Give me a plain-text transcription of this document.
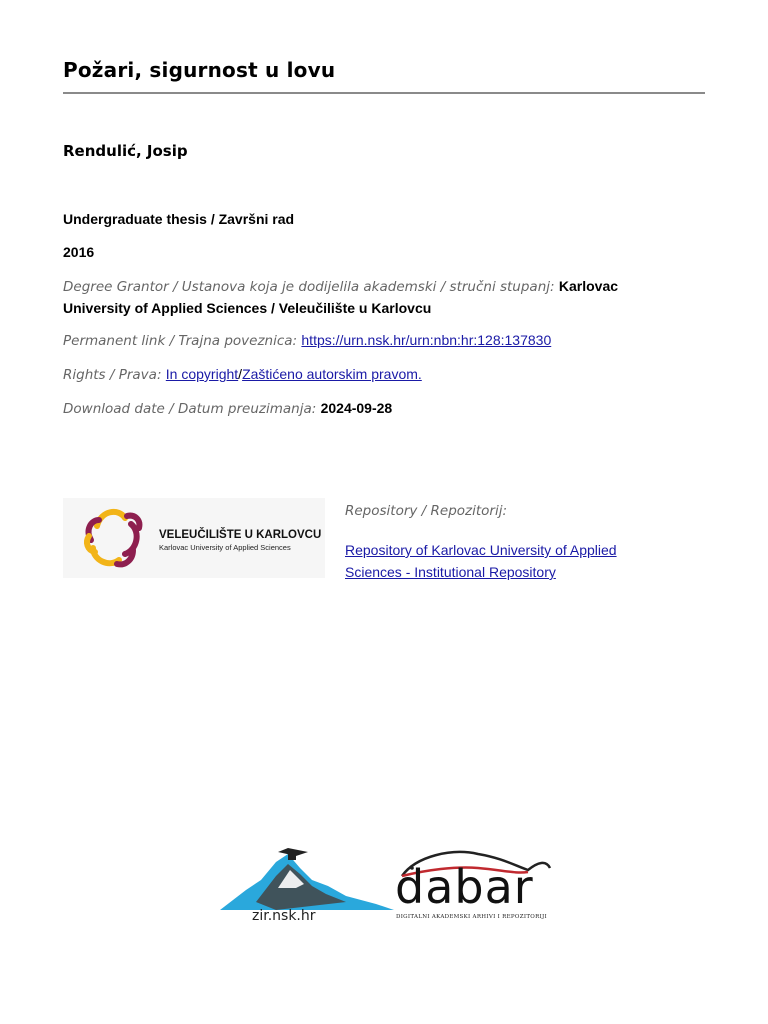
Požari, sigurnost u lovu
Rendulić, Josip
Undergraduate thesis / Završni rad
2016
Degree Grantor / Ustanova koja je dodijelila akademski / stručni stupanj: Karlovac University of Applied Sciences / Veleučilište u Karlovcu
Permanent link / Trajna poveznica: https://urn.nsk.hr/urn:nbn:hr:128:137830
Rights / Prava: In copyright/Zaštićeno autorskim pravom.
Download date / Datum preuzimanja: 2024-09-28
VELEUČILIŠTE U KARLOVCU
Karlovac University of Applied Sciences
Repository / Repozitorij:
Repository of Karlovac University of Applied Sciences - Institutional Repository
zir.nsk.hr
dabar
DIGITALNI AKADEMSKI ARHIVI I REPOZITORIJI
